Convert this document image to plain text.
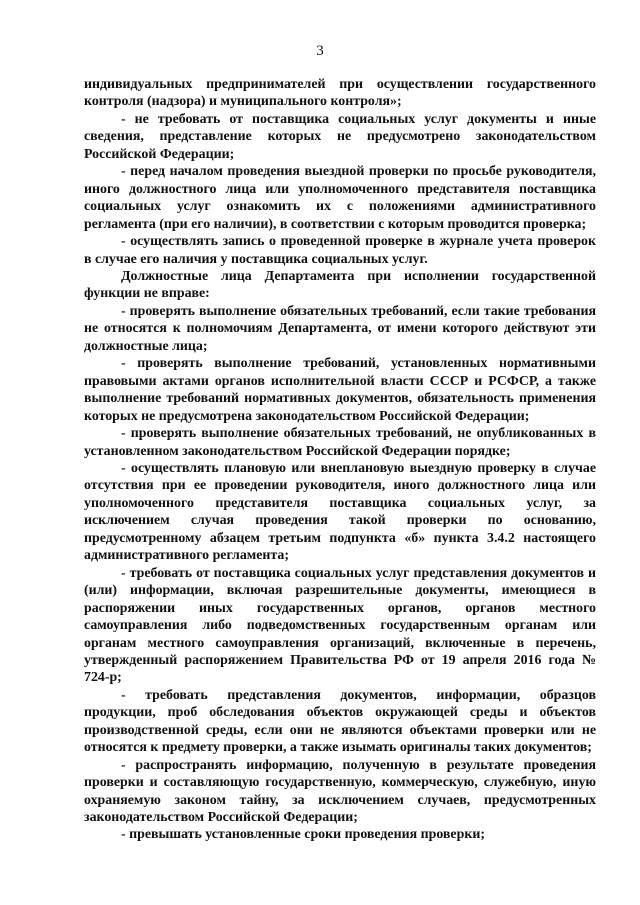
3

индивидуальных предпринимателей при осуществлении государственного
контроля (надзора) и муниципального контроля»;

- не требовать от поставщика социальных услуг документы и иные
сведения, представление которых не предусмотрено законодательством
Российской Федерации;

- перед началом проведения выездной проверки по просьбе руководителя,
иного должностного лица или уполномоченного представителя поставщика
социальных услуг ознакомить их с положениями административного
регламента (при его наличии), в соответствии с которым проводится проверка;

- осуществлять запись о проведенной проверке в журнале учета проверок
в случае его наличия у поставщика социальных услуг.

Должностные лица Департамента при исполнении государственной
функции не вправе:

- проверять выполнение обязательных требований, если такие требования
не относятся к полномочиям Департамента, от имени которого действуют эти
должностные лица;

- проверять выполнение требований, установленных нормативными
правовыми актами органов исполнительной власти СССР и РСФСР, а также
выполнение требований нормативных документов, обязательность применения
которых не предусмотрена законодательством Российской Федерации;

- проверять выполнение обязательных требований, не опубликованных в
установленном законодательством Российской Федерации порядке;

- осуществлять плановую или внеплановую выездную проверку в случае
отсутствия при ее проведении руководителя, иного должностного лица или
уполномоченного представителя поставщика социальных услуг, за
исключением случая проведения такой проверки по основанию,
предусмотренному абзацем третьим подпункта «б» пункта 3.4.2 настоящего
административного регламента;

- требовать от поставщика социальных услуг представления документов и
(или) информации, включая разрешительные документы, имеющиеся в
распоряжении иных государственных органов, органов местного
самоуправления либо подведомственных государственным органам или
органам местного самоуправления организаций, включенные в перечень,
утвержденный распоряжением Правительства РФ от 19 апреля 2016 года №
724-р;

- требовать представления документов, информации, образцов
продукции, проб обследования объектов окружающей среды и объектов
производственной среды, если они не являются объектами проверки или не
относятся к предмету проверки, а также изымать оригиналы таких документов;

- распространять информацию, полученную в результате проведения
проверки и составляющую государственную, коммерческую, служебную, иную
охраняемую законом тайну, за исключением случаев, предусмотренных
законодательством Российской Федерации;

- превышать установленные сроки проведения проверки;
